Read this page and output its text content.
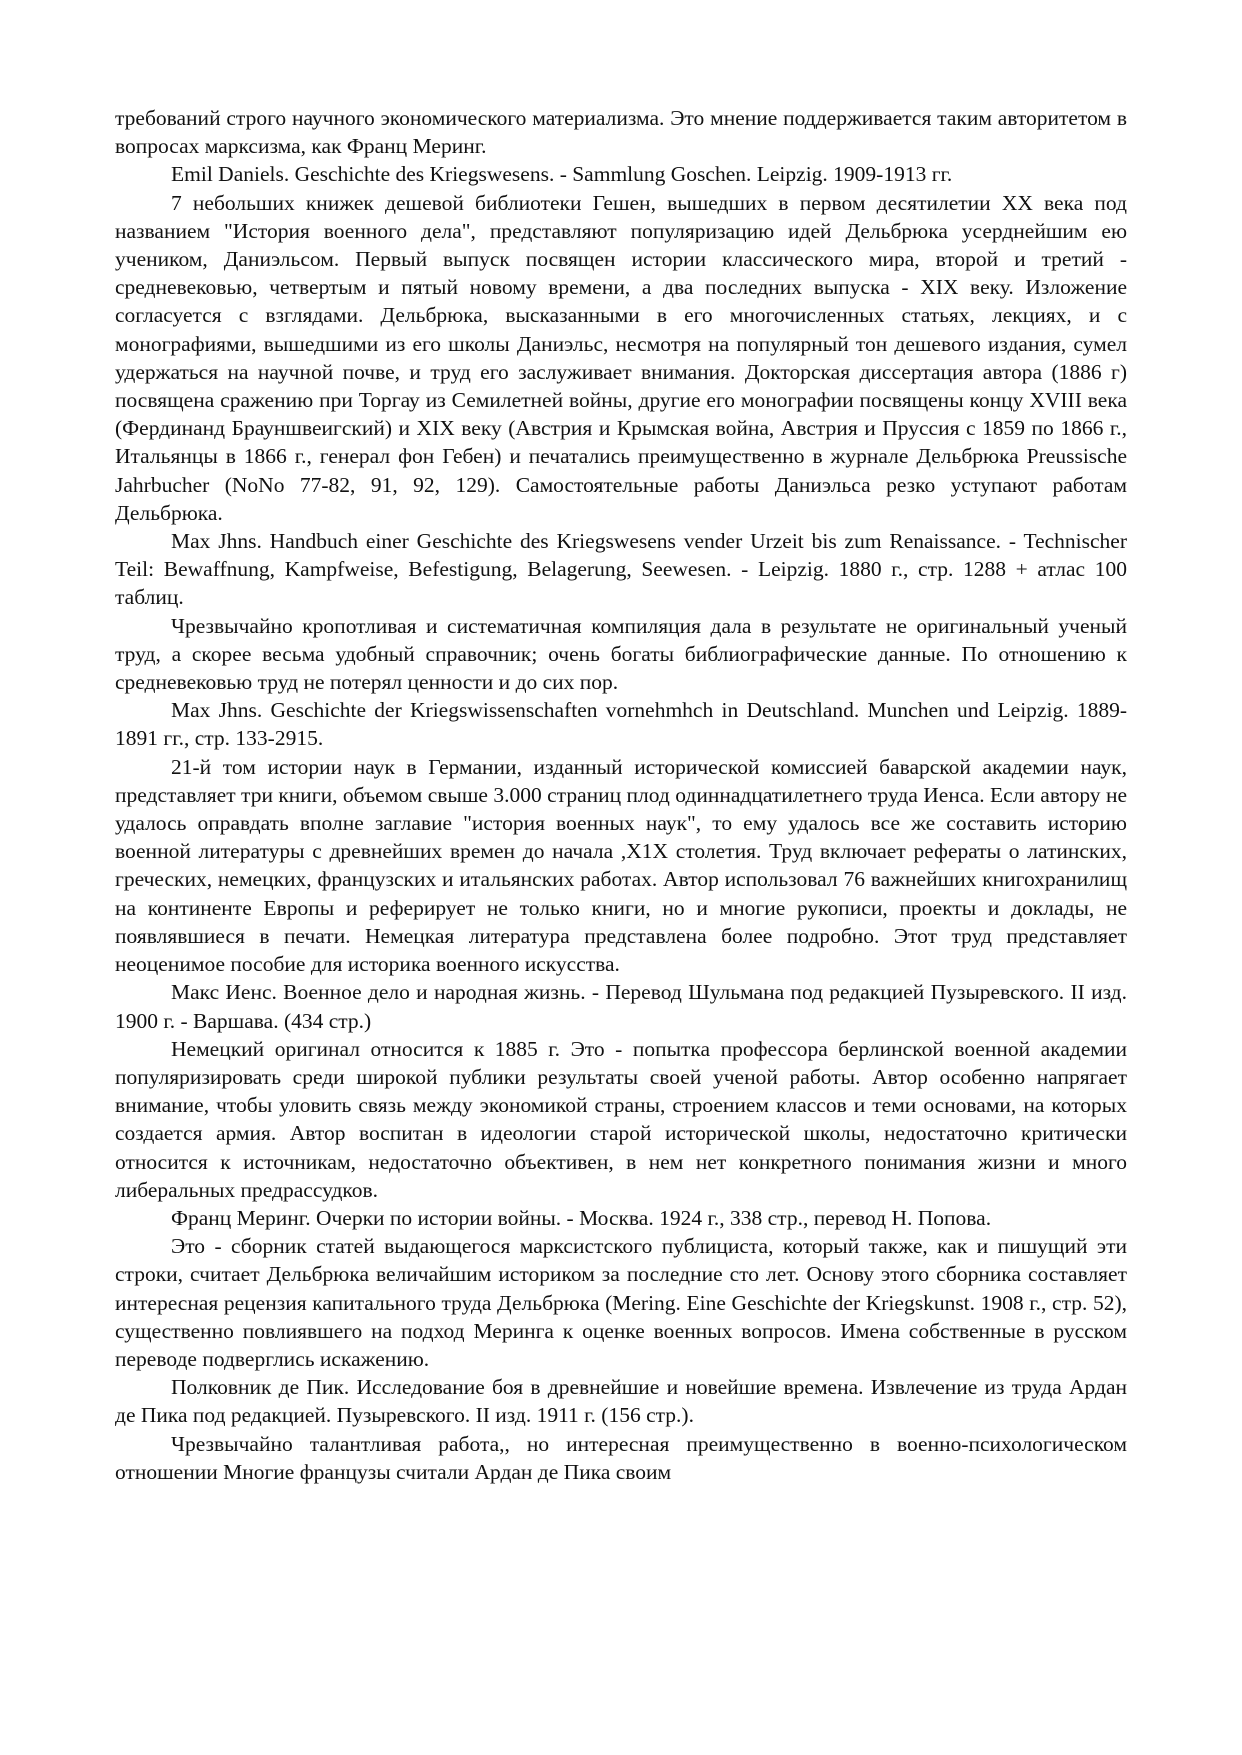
требований строго научного экономического материализма. Это мнение поддерживается таким авторитетом в вопросах марксизма, как Франц Меринг.

Emil Daniels. Geschichte des Kriegswesens. - Sammlung Goschen. Leipzig. 1909-1913 гг.

7 небольших книжек дешевой библиотеки Гешен, вышедших в первом десятилетии XX века под названием "История военного дела", представляют популяризацию идей Дельбрюка усерднейшим ею учеником, Даниэльсом. Первый выпуск посвящен истории классического мира, второй и третий - средневековью, четвертым и пятый новому времени, а два последних выпуска - XIX веку. Изложение согласуется с взглядами. Дельбрюка, высказанными в его многочисленных статьях, лекциях, и с монографиями, вышедшими из его школы Даниэльс, несмотря на популярный тон дешевого издания, сумел удержаться на научной почве, и труд его заслуживает внимания. Докторская диссертация автора (1886 г) посвящена сражению при Торгау из Семилетней войны, другие его монографии посвящены концу XVIII века (Фердинанд Брауншвеигский) и XIX веку (Австрия и Крымская война, Австрия и Пруссия с 1859 по 1866 г., Итальянцы в 1866 г., генерал фон Гебен) и печатались преимущественно в журнале Дельбрюка Preussische Jahrbucher (NoNo 77-82, 91, 92, 129). Самостоятельные работы Даниэльса резко уступают работам Дельбрюка.

Max Jhns. Handbuch einer Geschichte des Kriegswesens vender Urzeit bis zum Renaissance. - Technischer Teil: Bewaffnung, Kampfweise, Befestigung, Belagerung, Seewesen. - Leipzig. 1880 г., стр. 1288 + атлас 100 таблиц.

Чрезвычайно кропотливая и систематичная компиляция дала в результате не оригинальный ученый труд, а скорее весьма удобный справочник; очень богаты библиографические данные. По отношению к средневековью труд не потерял ценности и до сих пор.

Max Jhns. Geschichte der Kriegswissenschaften vornehmhch in Deutschland. Munchen und Leipzig. 1889-1891 гг., стр. 133-2915.

21-й том истории наук в Германии, изданный исторической комиссией баварской академии наук, представляет три книги, объемом свыше 3.000 страниц плод одиннадцатилетнего труда Иенса. Если автору не удалось оправдать вполне заглавие "история военных наук", то ему удалось все же составить историю военной литературы с древнейших времен до начала ,Х1Х столетия. Труд включает рефераты о латинских, греческих, немецких, французских и итальянских работах. Автор использовал 76 важнейших книгохранилищ на континенте Европы и реферирует не только книги, но и многие рукописи, проекты и доклады, не появлявшиеся в печати. Немецкая литература представлена более подробно. Этот труд представляет неоценимое пособие для историка военного искусства.

Макс Иенс. Военное дело и народная жизнь. - Перевод Шульмана под редакцией Пузыревского. II изд. 1900 г. - Варшава. (434 стр.)

Немецкий оригинал относится к 1885 г. Это - попытка профессора берлинской военной академии популяризировать среди широкой публики результаты своей ученой работы. Автор особенно напрягает внимание, чтобы уловить связь между экономикой страны, строением классов и теми основами, на которых создается армия. Автор воспитан в идеологии старой исторической школы, недостаточно критически относится к источникам, недостаточно объективен, в нем нет конкретного понимания жизни и много либеральных предрассудков.

Франц Меринг. Очерки по истории войны. - Москва. 1924 г., 338 стр., перевод Н. Попова.

Это - сборник статей выдающегося марксистского публициста, который также, как и пишущий эти строки, считает Дельбрюка величайшим историком за последние сто лет. Основу этого сборника составляет интересная рецензия капитального труда Дельбрюка (Mering. Eine Geschichte der Kriegskunst. 1908 г., стр. 52), существенно повлиявшего на подход Меринга к оценке военных вопросов. Имена собственные в русском переводе подверглись искажению.

Полковник де Пик. Исследование боя в древнейшие и новейшие времена. Извлечение из труда Ардан де Пика под редакцией. Пузыревского. II изд. 1911 г. (156 стр.).

Чрезвычайно талантливая работа,, но интересная преимущественно в военно-психологическом отношении Многие французы считали Ардан де Пика своим
